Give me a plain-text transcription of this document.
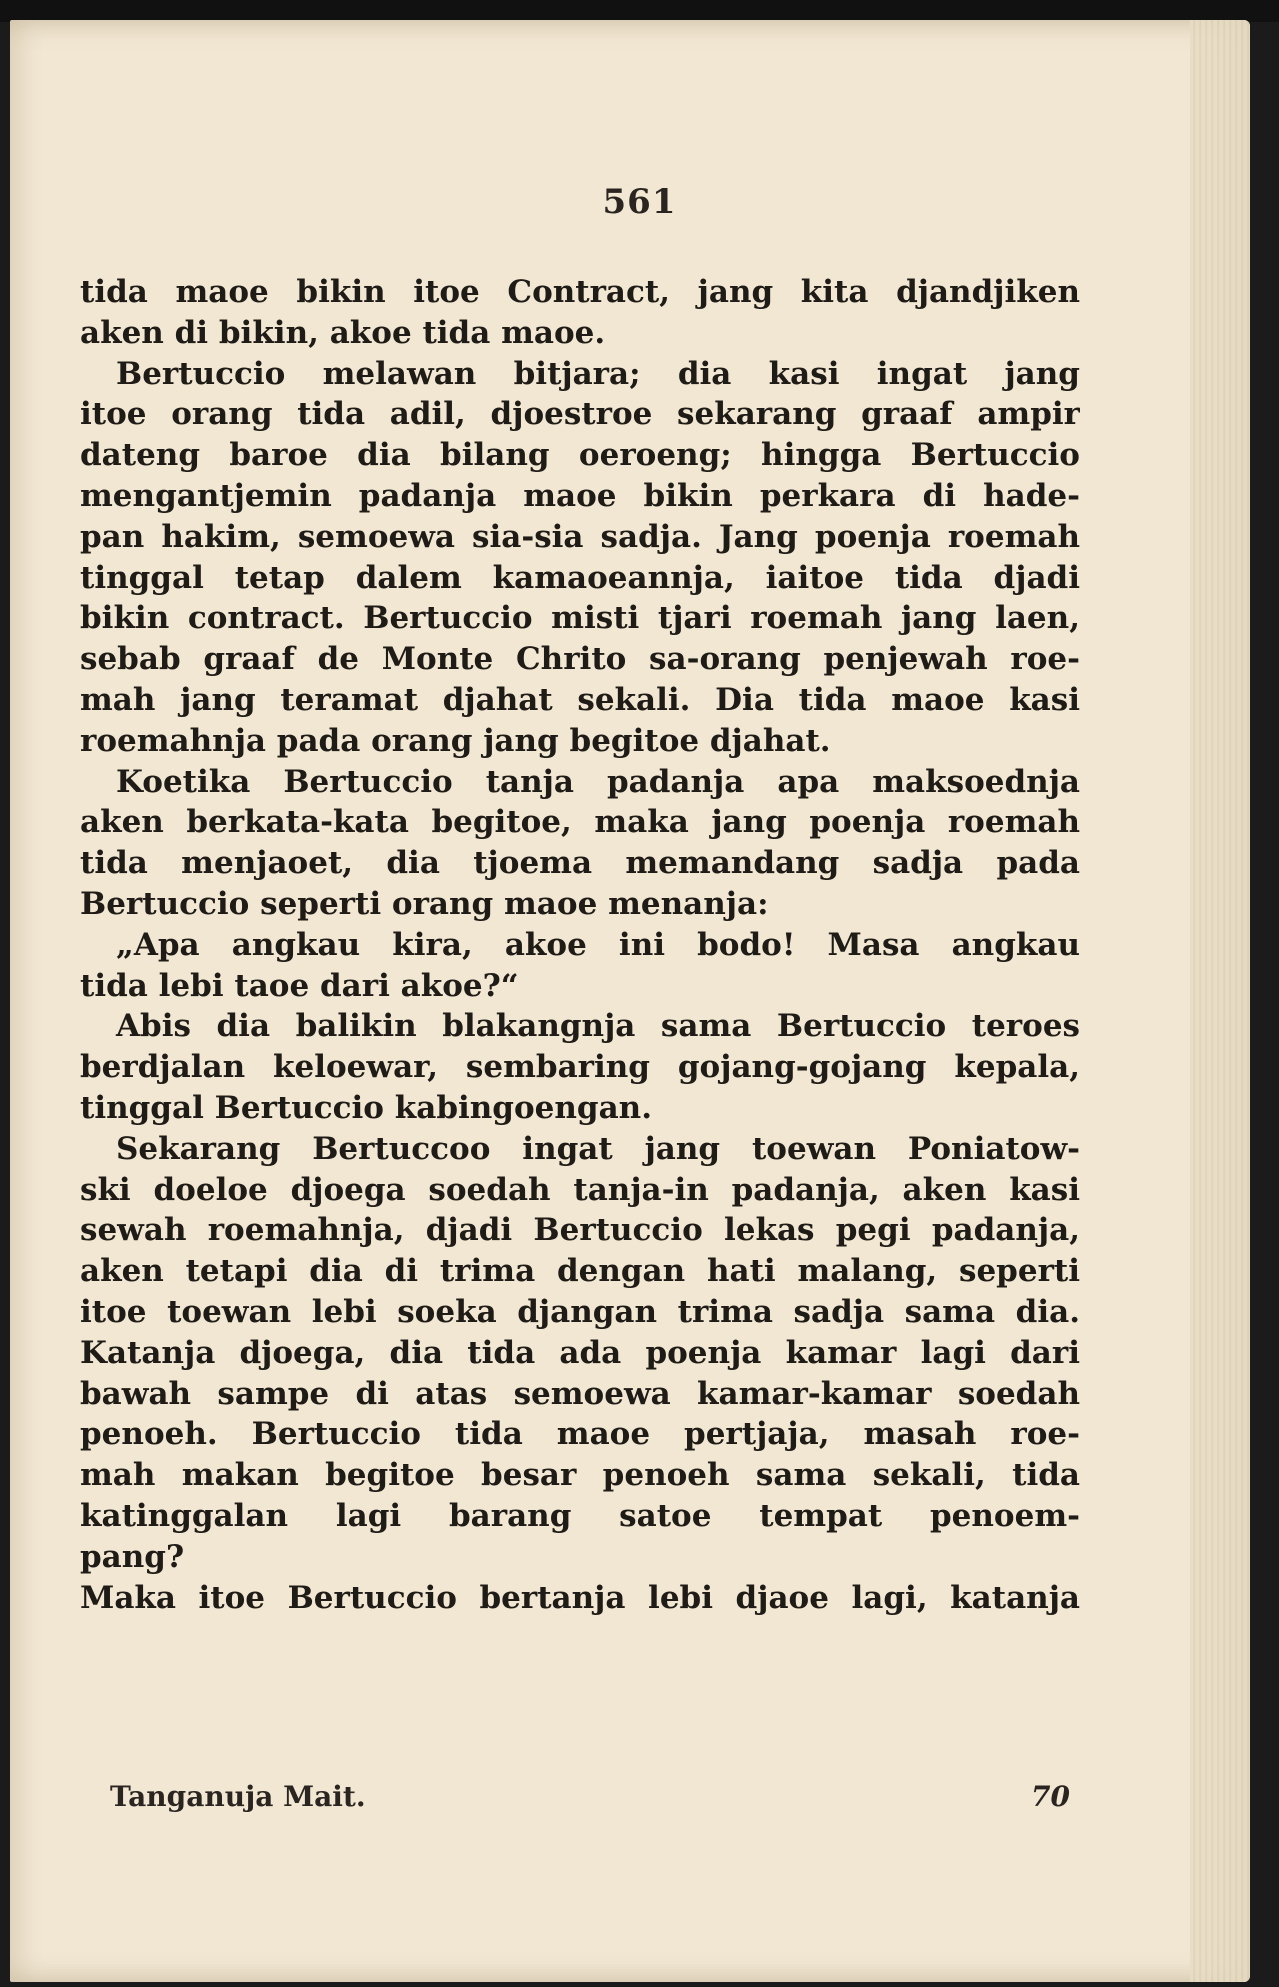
561
tida maoe bikin itoe Contract, jang kita djandjiken
aken di bikin, akoe tida maoe.
Bertuccio melawan bitjara; dia kasi ingat jang
itoe orang tida adil, djoestroe sekarang graaf ampir
dateng baroe dia bilang oeroeng; hingga Bertuccio
mengantjemin padanja maoe bikin perkara di hade-
pan hakim, semoewa sia-sia sadja. Jang poenja roemah
tinggal tetap dalem kamaoeannja, iaitoe tida djadi
bikin contract. Bertuccio misti tjari roemah jang laen,
sebab graaf de Monte Chrito sa-orang penjewah roe-
mah jang teramat djahat sekali. Dia tida maoe kasi
roemahnja pada orang jang begitoe djahat.
Koetika Bertuccio tanja padanja apa maksoednja
aken berkata-kata begitoe, maka jang poenja roemah
tida menjaoet, dia tjoema memandang sadja pada
Bertuccio seperti orang maoe menanja:
„Apa angkau kira, akoe ini bodo! Masa angkau
tida lebi taoe dari akoe?“
Abis dia balikin blakangnja sama Bertuccio teroes
berdjalan keloewar, sembaring gojang-gojang kepala,
tinggal Bertuccio kabingoengan.
Sekarang Bertuccoo ingat jang toewan Poniatow-
ski doeloe djoega soedah tanja-in padanja, aken kasi
sewah roemahnja, djadi Bertuccio lekas pegi padanja,
aken tetapi dia di trima dengan hati malang, seperti
itoe toewan lebi soeka djangan trima sadja sama dia.
Katanja djoega, dia tida ada poenja kamar lagi dari
bawah sampe di atas semoewa kamar-kamar soedah
penoeh. Bertuccio tida maoe pertjaja, masah roe-
mah makan begitoe besar penoeh sama sekali, tida
katinggalan lagi barang satoe tempat penoem-
pang?
Maka itoe Bertuccio bertanja lebi djaoe lagi, katanja
Tanganuja Mait.	70
